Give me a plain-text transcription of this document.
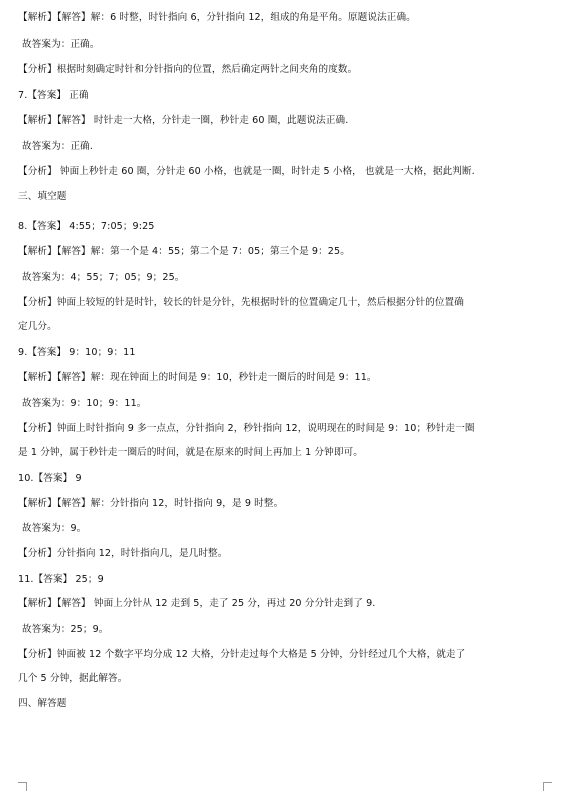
【解析】【解答】解：6 时整，时针指向 6，分针指向 12，组成的角是平角。原题说法正确。
故答案为：正确。
【分析】根据时刻确定时针和分针指向的位置，然后确定两针之间夹角的度数。
7.【答案】 正确
【解析】【解答】 时针走一大格，分针走一圈，秒针走 60 圈，此题说法正确.
故答案为：正确.
【分析】 钟面上秒针走 60 圈，分针走 60 小格，也就是一圈，时针走 5 小格， 也就是一大格，据此判断.
三、填空题
8.【答案】 4:55；7:05；9:25
【解析】【解答】解：第一个是 4：55；第二个是 7：05；第三个是 9：25。
故答案为：4；55；7；05；9；25。
【分析】钟面上较短的针是时针，较长的针是分针，先根据时针的位置确定几十，然后根据分针的位置确
定几分。
9.【答案】 9：10；9：11
【解析】【解答】解：现在钟面上的时间是 9：10，秒针走一圈后的时间是 9：11。
故答案为：9：10；9：11。
【分析】钟面上时针指向 9 多一点点，分针指向 2，秒针指向 12，说明现在的时间是 9：10；秒针走一圈
是 1 分钟，属于秒针走一圈后的时间，就是在原来的时间上再加上 1 分钟即可。
10.【答案】 9
【解析】【解答】解：分针指向 12，时针指向 9，是 9 时整。
故答案为：9。
【分析】分针指向 12，时针指向几，是几时整。
11.【答案】 25；9
【解析】【解答】 钟面上分针从 12 走到 5，走了 25 分，再过 20 分分针走到了 9.
故答案为：25；9。
【分析】钟面被 12 个数字平均分成 12 大格，分针走过每个大格是 5 分钟，分针经过几个大格，就走了
几个 5 分钟，据此解答。
四、解答题
